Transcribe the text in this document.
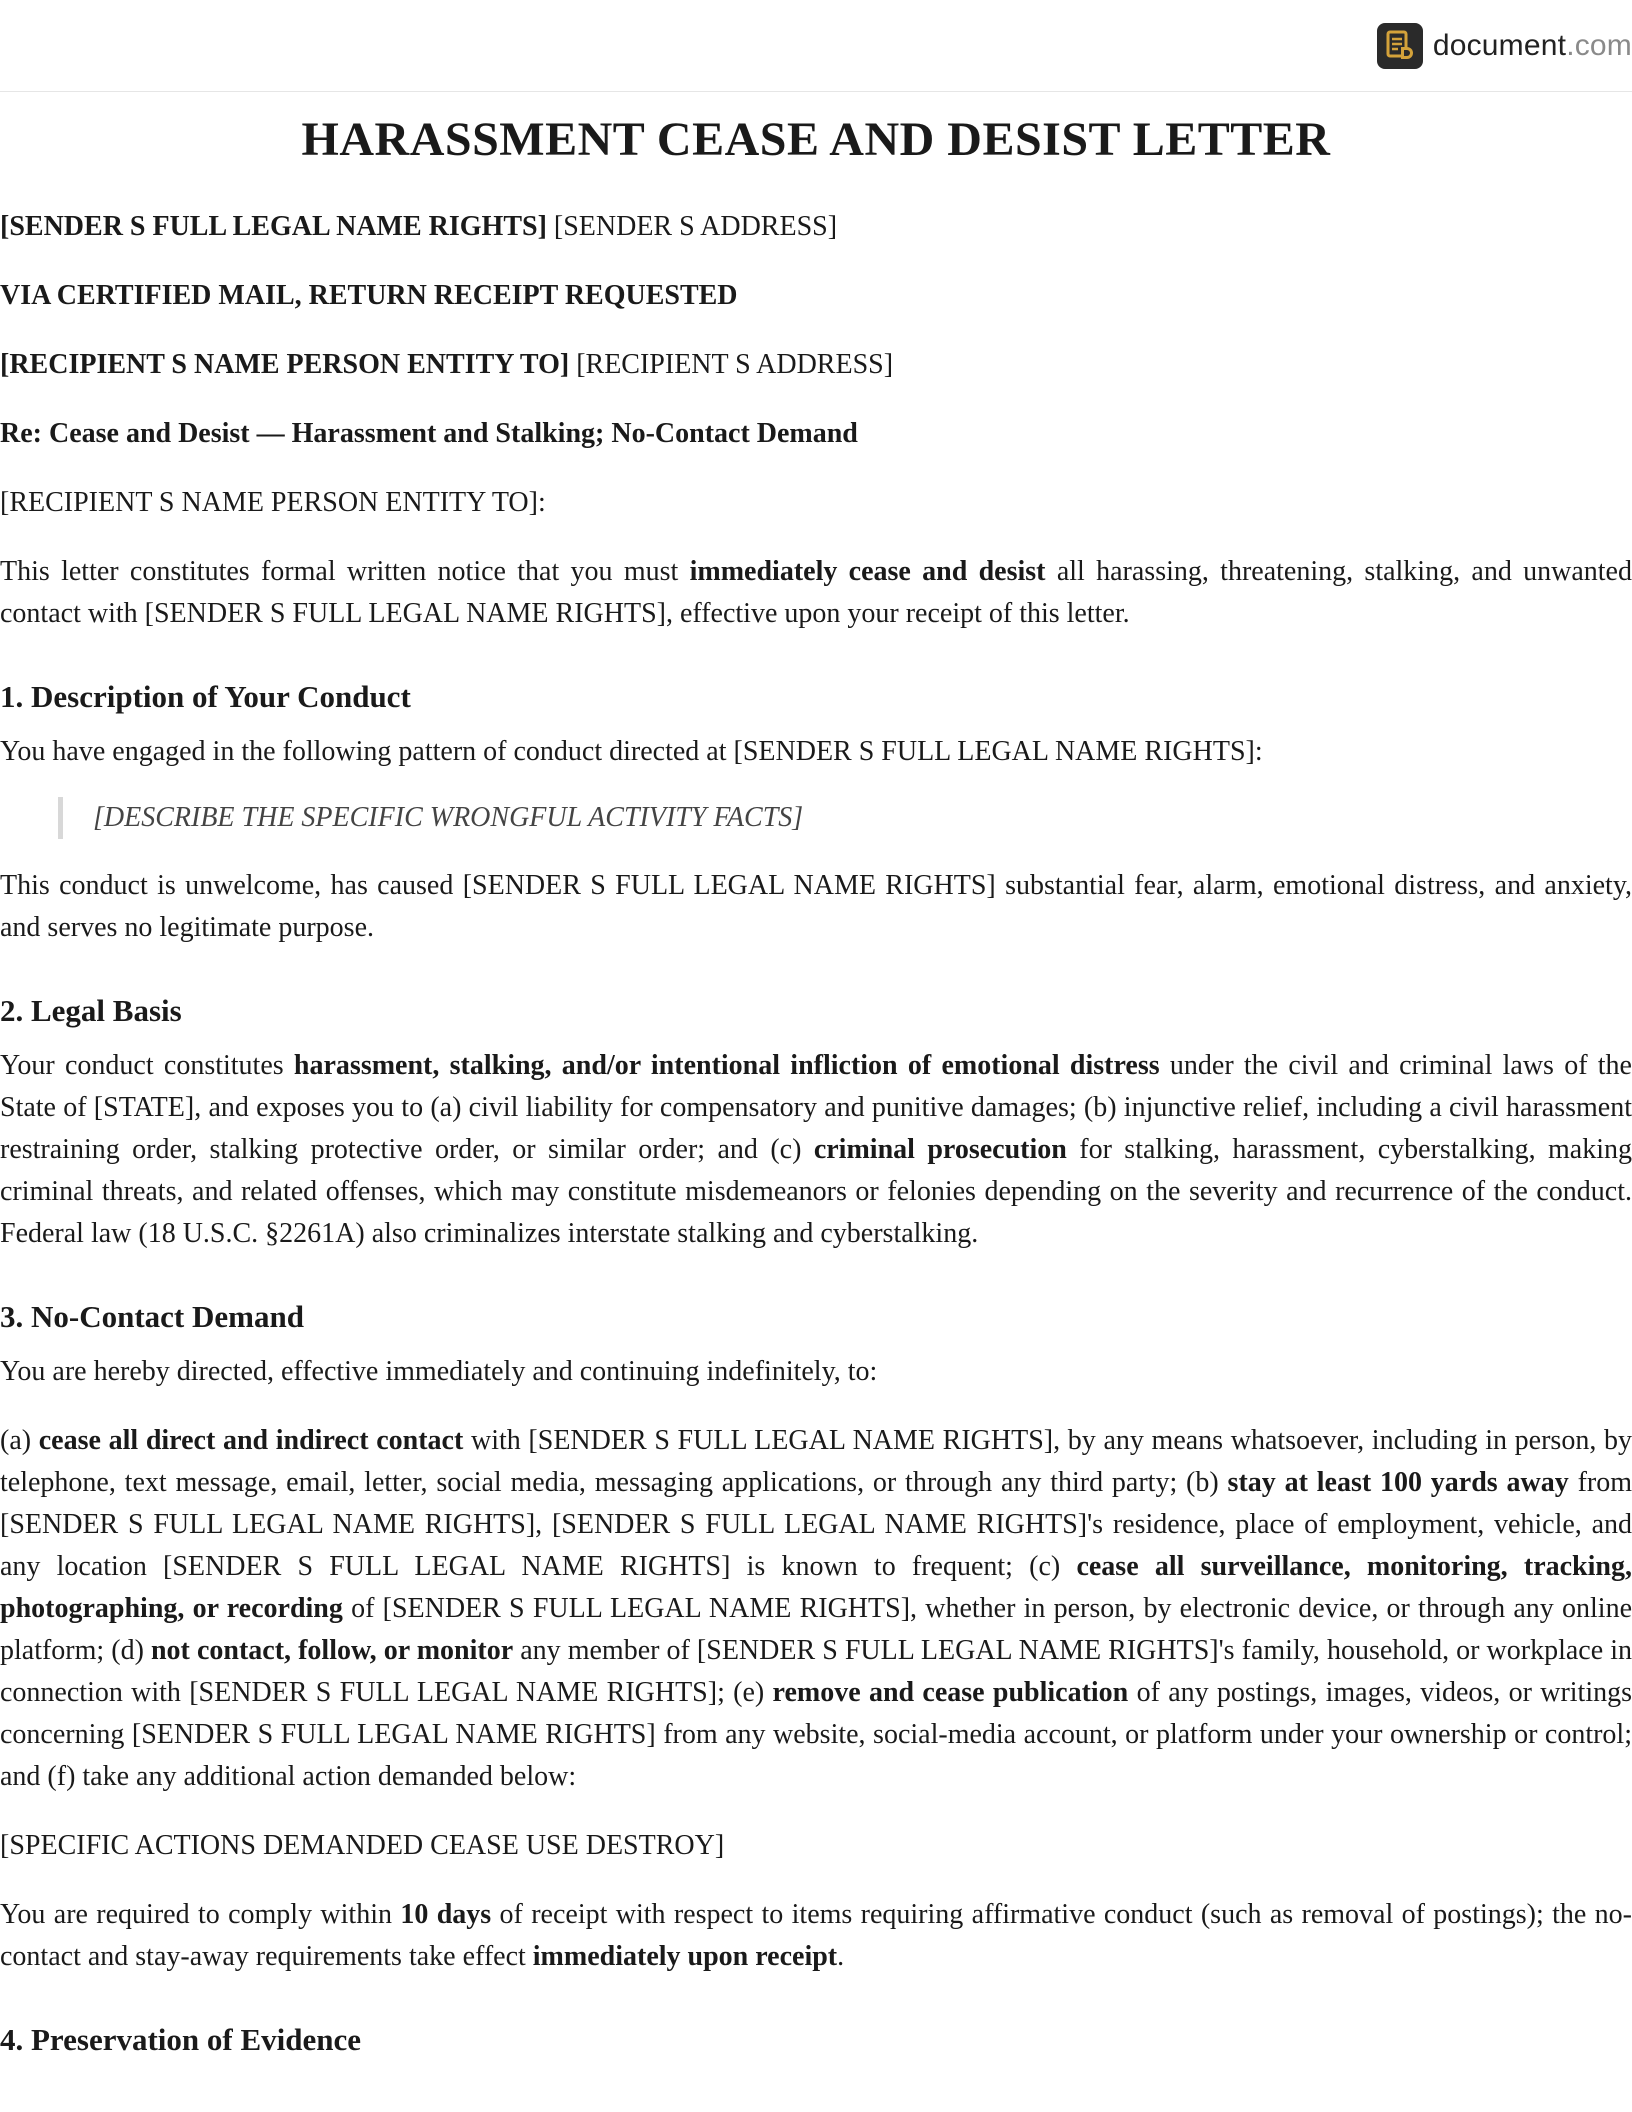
document.com
HARASSMENT CEASE AND DESIST LETTER

[SENDER S FULL LEGAL NAME RIGHTS] [SENDER S ADDRESS]

VIA CERTIFIED MAIL, RETURN RECEIPT REQUESTED

[RECIPIENT S NAME PERSON ENTITY TO] [RECIPIENT S ADDRESS]

Re: Cease and Desist — Harassment and Stalking; No-Contact Demand

[RECIPIENT S NAME PERSON ENTITY TO]:

This letter constitutes formal written notice that you must immediately cease and desist all harassing, threatening, stalking, and unwanted contact with [SENDER S FULL LEGAL NAME RIGHTS], effective upon your receipt of this letter.

1. Description of Your Conduct

You have engaged in the following pattern of conduct directed at [SENDER S FULL LEGAL NAME RIGHTS]:

[DESCRIBE THE SPECIFIC WRONGFUL ACTIVITY FACTS]

This conduct is unwelcome, has caused [SENDER S FULL LEGAL NAME RIGHTS] substantial fear, alarm, emotional distress, and anxiety, and serves no legitimate purpose.

2. Legal Basis

Your conduct constitutes harassment, stalking, and/or intentional infliction of emotional distress under the civil and criminal laws of the State of [STATE], and exposes you to (a) civil liability for compensatory and punitive damages; (b) injunctive relief, including a civil harassment restraining order, stalking protective order, or similar order; and (c) criminal prosecution for stalking, harassment, cyberstalking, making criminal threats, and related offenses, which may constitute misdemeanors or felonies depending on the severity and recurrence of the conduct. Federal law (18 U.S.C. §2261A) also criminalizes interstate stalking and cyberstalking.

3. No-Contact Demand

You are hereby directed, effective immediately and continuing indefinitely, to:

(a) cease all direct and indirect contact with [SENDER S FULL LEGAL NAME RIGHTS], by any means whatsoever, including in person, by telephone, text message, email, letter, social media, messaging applications, or through any third party; (b) stay at least 100 yards away from [SENDER S FULL LEGAL NAME RIGHTS], [SENDER S FULL LEGAL NAME RIGHTS]'s residence, place of employment, vehicle, and any location [SENDER S FULL LEGAL NAME RIGHTS] is known to frequent; (c) cease all surveillance, monitoring, tracking, photographing, or recording of [SENDER S FULL LEGAL NAME RIGHTS], whether in person, by electronic device, or through any online platform; (d) not contact, follow, or monitor any member of [SENDER S FULL LEGAL NAME RIGHTS]'s family, household, or workplace in connection with [SENDER S FULL LEGAL NAME RIGHTS]; (e) remove and cease publication of any postings, images, videos, or writings concerning [SENDER S FULL LEGAL NAME RIGHTS] from any website, social-media account, or platform under your ownership or control; and (f) take any additional action demanded below:

[SPECIFIC ACTIONS DEMANDED CEASE USE DESTROY]

You are required to comply within 10 days of receipt with respect to items requiring affirmative conduct (such as removal of postings); the no-contact and stay-away requirements take effect immediately upon receipt.

4. Preservation of Evidence
